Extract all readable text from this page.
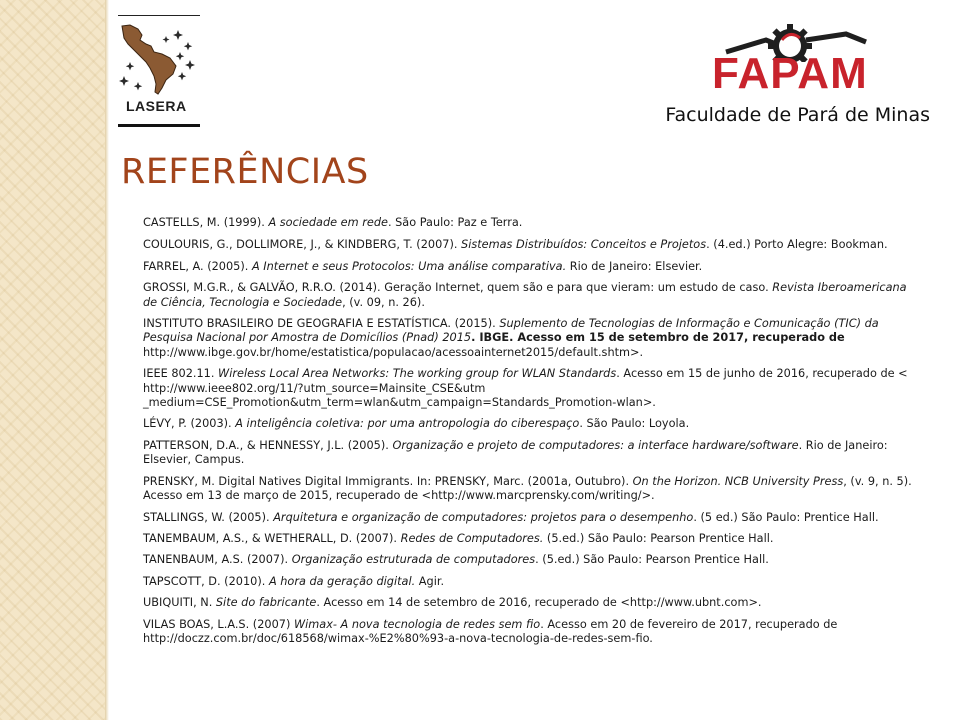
LASERA
FAPAM
Faculdade de Pará de Minas
REFERÊNCIAS
CASTELLS, M. (1999). A sociedade em rede. São Paulo: Paz e Terra.
COULOURIS, G., DOLLIMORE, J., & KINDBERG, T. (2007). Sistemas Distribuídos: Conceitos e Projetos. (4.ed.) Porto Alegre: Bookman.
FARREL, A. (2005). A Internet e seus Protocolos: Uma análise comparativa. Rio de Janeiro: Elsevier.
GROSSI, M.G.R., & GALVÃO, R.R.O. (2014). Geração Internet, quem são e para que vieram: um estudo de caso. Revista Iberoamericana de Ciência, Tecnologia e Sociedade, (v. 09, n. 26).
INSTITUTO BRASILEIRO DE GEOGRAFIA E ESTATÍSTICA. (2015). Suplemento de Tecnologias de Informação e Comunicação (TIC) da Pesquisa Nacional por Amostra de Domicílios (Pnad) 2015. IBGE. Acesso em 15 de setembro de 2017, recuperado de http://www.ibge.gov.br/home/estatistica/populacao/acessoainternet2015/default.shtm>.
IEEE 802.11. Wireless Local Area Networks: The working group for WLAN Standards. Acesso em 15 de junho de 2016, recuperado de < http://www.ieee802.org/11/?utm_source=Mainsite_CSE&utm _medium=CSE_Promotion&utm_term=wlan&utm_campaign=Standards_Promotion-wlan>.
LÉVY, P. (2003). A inteligência coletiva: por uma antropologia do ciberespaço. São Paulo: Loyola.
PATTERSON, D.A., & HENNESSY, J.L. (2005). Organização e projeto de computadores: a interface hardware/software. Rio de Janeiro: Elsevier, Campus.
PRENSKY, M. Digital Natives Digital Immigrants. In: PRENSKY, Marc. (2001a, Outubro). On the Horizon. NCB University Press, (v. 9, n. 5). Acesso em 13 de março de 2015, recuperado de <http://www.marcprensky.com/writing/>.
STALLINGS, W. (2005). Arquitetura e organização de computadores: projetos para o desempenho. (5 ed.) São Paulo: Prentice Hall.
TANEMBAUM, A.S., & WETHERALL, D. (2007). Redes de Computadores. (5.ed.) São Paulo: Pearson Prentice Hall.
TANENBAUM, A.S. (2007). Organização estruturada de computadores. (5.ed.) São Paulo: Pearson Prentice Hall.
TAPSCOTT, D. (2010). A hora da geração digital. Agir.
UBIQUITI, N. Site do fabricante. Acesso em 14 de setembro de 2016, recuperado de <http://www.ubnt.com>.
VILAS BOAS, L.A.S. (2007) Wimax- A nova tecnologia de redes sem fio. Acesso em 20 de fevereiro de 2017, recuperado de http://doczz.com.br/doc/618568/wimax-%E2%80%93-a-nova-tecnologia-de-redes-sem-fio.
